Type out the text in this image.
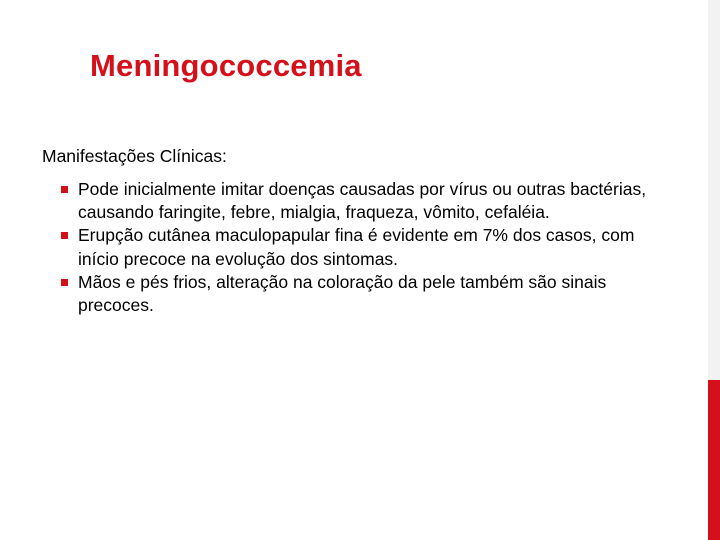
Meningococcemia
Manifestações Clínicas:
Pode inicialmente imitar doenças causadas por vírus ou outras bactérias, causando faringite, febre, mialgia, fraqueza, vômito, cefaléia.
Erupção cutânea maculopapular fina é evidente em 7% dos casos, com início precoce na evolução dos sintomas.
Mãos e pés frios, alteração na coloração da pele também são sinais precoces.
